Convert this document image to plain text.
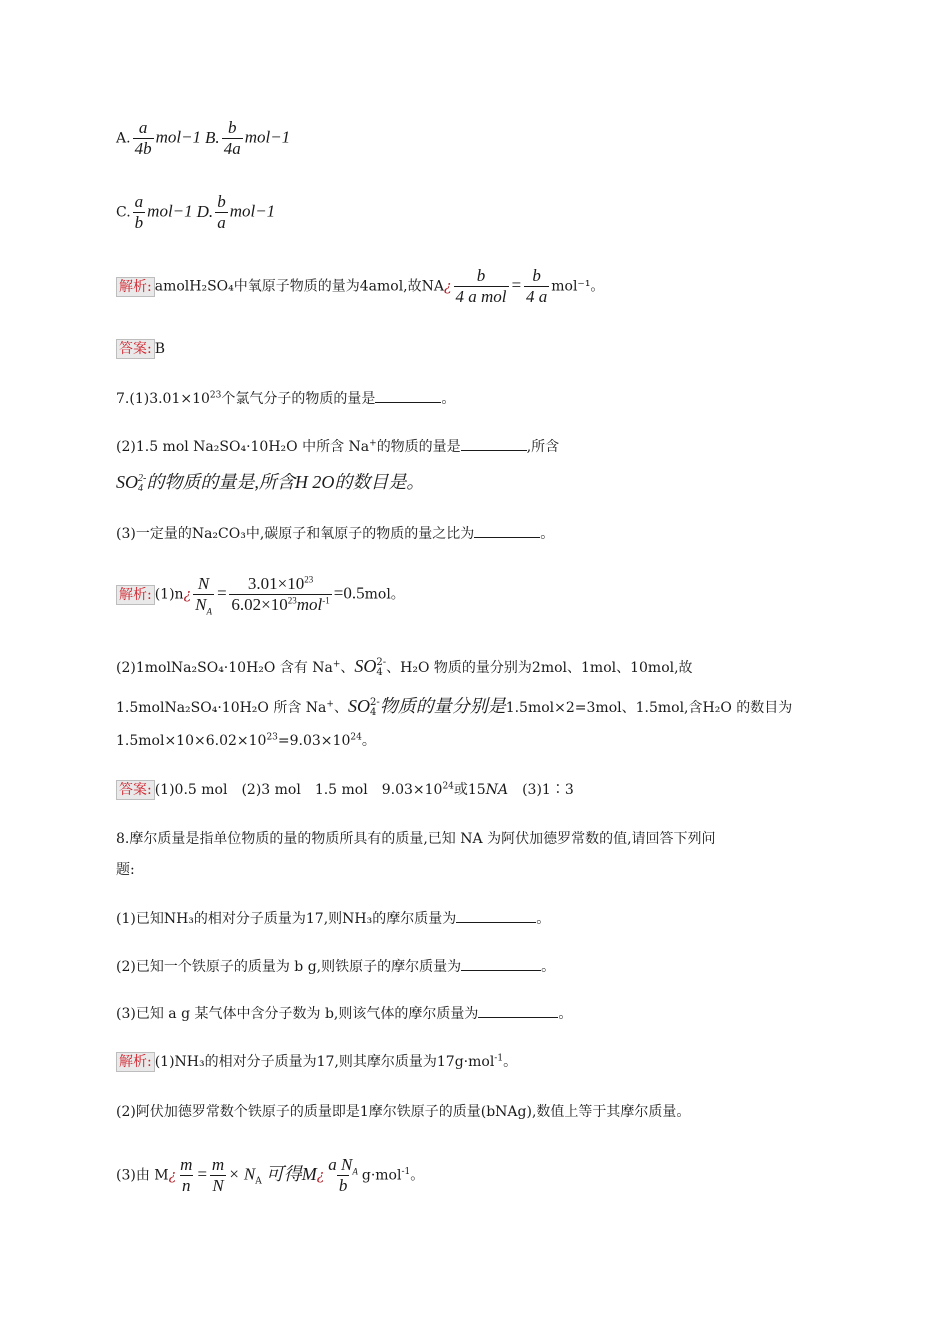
A. $\frac{a}{4b} mol-1$ B. $\frac{b}{4a} mol-1$
C. $\frac{a}{b} mol-1$ D. $\frac{b}{a} mol-1$
解析: amolH₂SO₄中氧原子物质的量为4amol,故NA¿ $\frac{b}{\text{4 a mol}} = \frac{b}{4 a} mol^{-1}$。
答案: B
$7.(1)3.01\times 10^{23}$个氯气分子的物质的量是	。
(2)1.5 mol Na₂SO₄·10H₂O 中所含 Na+的物质的量是	,所含
SO 2-
4 的物质的量是,所含H 2O的数目是。
(3)一定量的Na₂CO₃中,碳原子和氧原子的物质的量之比为	。
解析: (1)n¿ $\frac{N}{N_A} = \frac{3.01\times 10^{23}}{6.02\times 10^{23}mol^{-1}} =0.5mol$。
(2)1molNa₂SO₄·10H₂O 含有 Na+、SO 2-
4 、H₂O 物质的量分别为2mol、1mol、10mol,故
1.5molNa₂SO₄·10H₂O 所含 Na+、SO 2-
4 物质的量分别是1.5mol×2=3mol、1.5mol,含H₂O 的数目为
$1.5mol\times 10\times 6.02\times 10^{23}=9.03\times 10^{24}$。
答案: (1)0.5 mol　(2)3 mol　1.5 mol　$9.03\times 10^{24}$或15NA　(3)1∶3
8.摩尔质量是指单位物质的量的物质所具有的质量,已知 NA 为阿伏加德罗常数的值,请回答下列问
题:
(1)已知NH₃的相对分子质量为17,则NH₃的摩尔质量为	。
(2)已知一个铁原子的质量为 b g,则铁原子的摩尔质量为	。
(3)已知 a g 某气体中含分子数为 b,则该气体的摩尔质量为	。
解析: (1)NH₃的相对分子质量为17,则其摩尔质量为17g·mol$^{-1}$。
(2)阿伏加德罗常数个铁原子的质量即是1摩尔铁原子的质量(bNAg),数值上等于其摩尔质量。
(3)由 M¿ $\frac{m}{n} = \frac{m}{N} \times N_A$ 可得M¿ $\frac{a N_A}{b} g\cdot mol^{-1}$。
